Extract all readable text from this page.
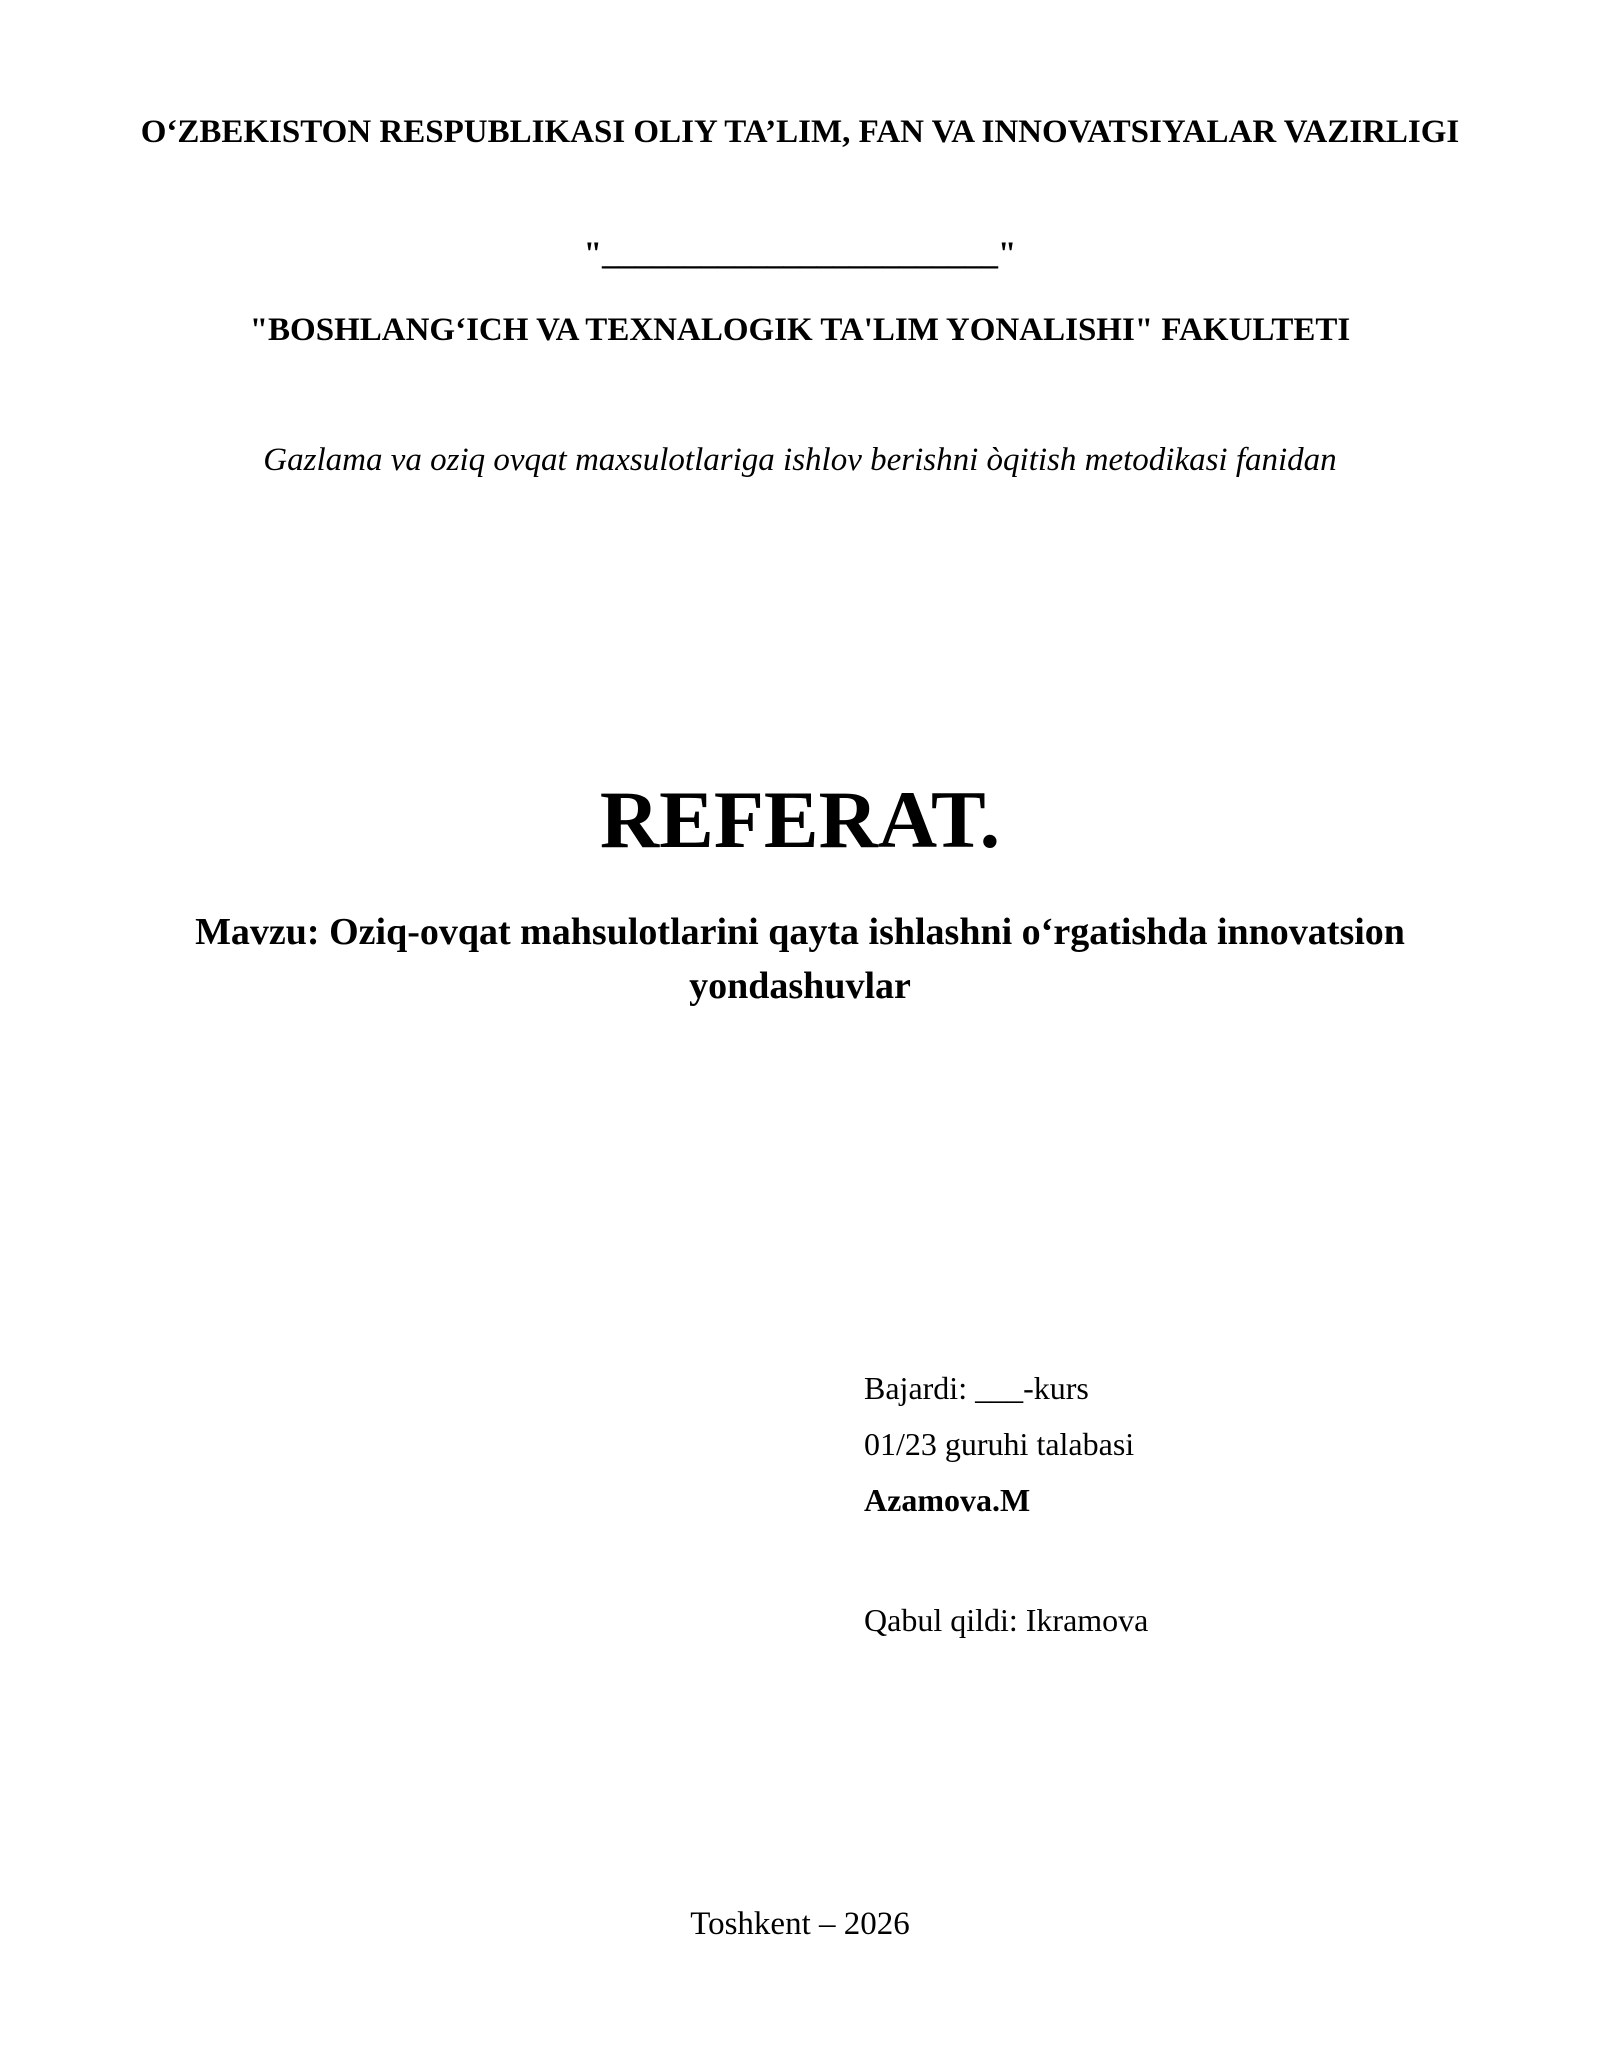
O‘ZBEKISTON RESPUBLIKASI OLIY TA’LIM, FAN VA INNOVATSIYALAR VAZIRLIGI
"________________________"
"BOSHLANG‘ICH VA TEXNALOGIK TA'LIM YONALISHI" FAKULTETI
Gazlama va oziq ovqat maxsulotlariga ishlov berishni òqitish metodikasi fanidan
REFERAT.
Mavzu: Oziq-ovqat mahsulotlarini qayta ishlashni o‘rgatishda innovatsion yondashuvlar
Bajardi: ___-kurs
01/23 guruhi talabasi
Azamova.M
Qabul qildi: Ikramova
Toshkent – 2026
